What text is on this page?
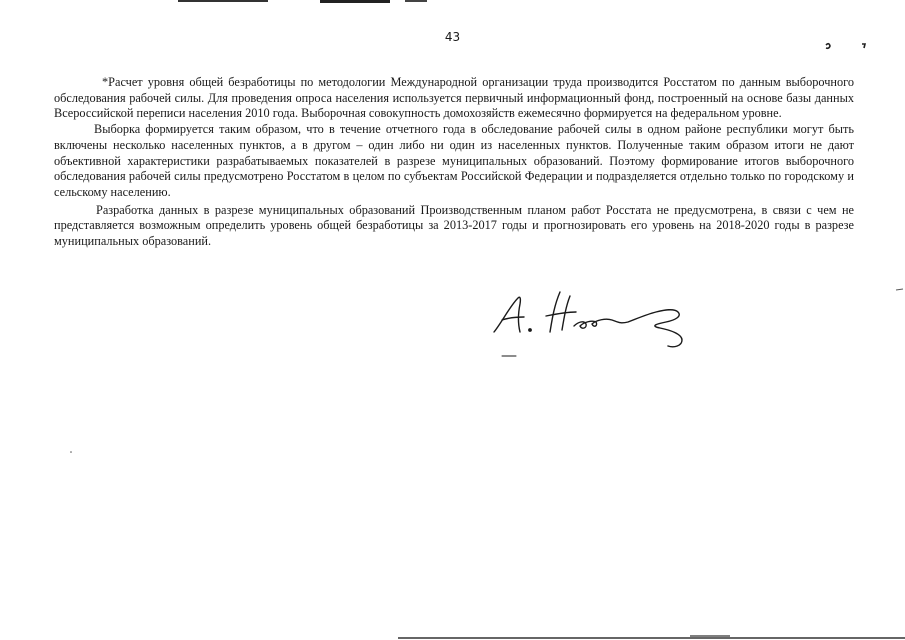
43

*Расчет уровня общей безработицы по методологии Международной организации труда производится Росстатом по данным выборочного обследования рабочей силы. Для проведения опроса населения используется первичный информационный фонд, построенный на основе базы данных Всероссийской переписи населения 2010 года. Выборочная совокупность домохозяйств ежемесячно формируется на федеральном уровне.

Выборка формируется таким образом, что в течение отчетного года в обследование рабочей силы в одном районе республики могут быть включены несколько населенных пунктов, а в другом – один либо ни один из населенных пунктов. Полученные таким образом итоги не дают объективной характеристики разрабатываемых показателей в разрезе муниципальных образований. Поэтому формирование итогов выборочного обследования рабочей силы предусмотрено Росстатом в целом по субъектам Российской Федерации и подразделяется отдельно только по городскому и сельскому населению.

Разработка данных в разрезе муниципальных образований Производственным планом работ Росстата не предусмотрена, в связи с чем не представляется возможным определить уровень общей безработицы за 2013-2017 годы и прогнозировать его уровень на 2018-2020 годы в разрезе муниципальных образований.
